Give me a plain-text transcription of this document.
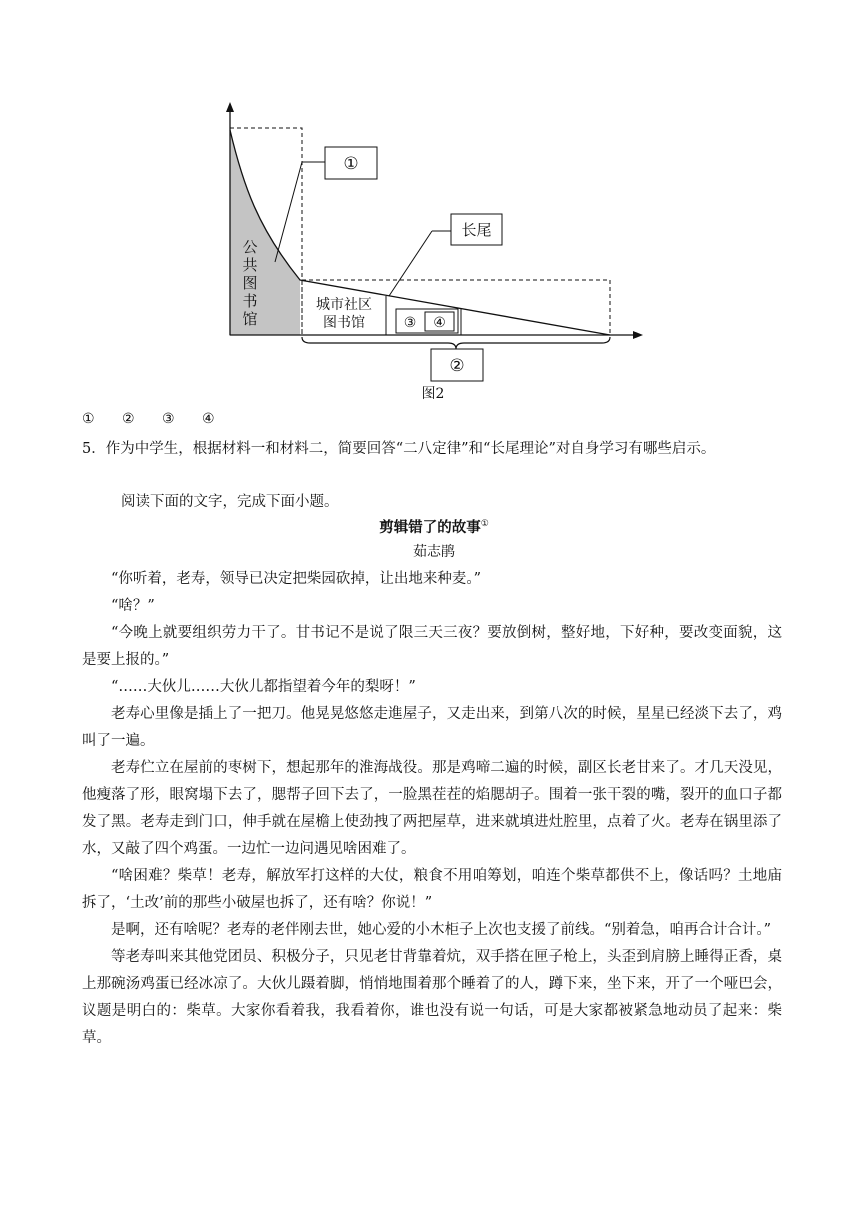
①
长尾
公
共
图
书
馆
城市社区
图书馆	③ ④
②
图2
① ② ③ ④
5．作为中学生，根据材料一和材料二，简要回答“二八定律”和“长尾理论”对自身学习有哪些启示。
阅读下面的文字，完成下面小题。
剪辑错了的故事①
茹志鹃

“你听着，老寿，领导已决定把柴园砍掉，让出地来种麦。”

“啥？”

“今晚上就要组织劳力干了。甘书记不是说了限三天三夜？要放倒树，整好地，下好种，要改变面貌，这是要上报的。”

“……大伙儿……大伙儿都指望着今年的梨呀！”

老寿心里像是插上了一把刀。他晃晃悠悠走進屋子，又走出来，到第八次的时候，星星已经淡下去了，鸡叫了一遍。

老寿伫立在屋前的枣树下，想起那年的淮海战役。那是鸡啼二遍的时候，副区长老甘来了。才几天没见，他瘦落了形，眼窝塌下去了，腮帮子回下去了，一脸黑茬茬的焰腮胡子。围着一张干裂的嘴，裂开的血口子都发了黑。老寿走到门口，伸手就在屋檐上使劲拽了两把屋草，进来就填进灶腔里，点着了火。老寿在锅里添了水，又敲了四个鸡蛋。一边忙一边问遇见啥困难了。

“啥困难？柴草！老寿，解放军打这样的大仗，粮食不用咱筹划，咱连个柴草都供不上，像话吗？土地庙拆了，‘土改’前的那些小破屋也拆了，还有啥？你说！”

是啊，还有啥呢？老寿的老伴刚去世，她心爱的小木柜子上次也支援了前线。“别着急，咱再合计合计。”

等老寿叫来其他党团员、积极分子，只见老甘背靠着炕，双手搭在匣子枪上，头歪到肩膀上睡得正香，桌上那碗汤鸡蛋已经冰凉了。大伙儿蹑着脚，悄悄地围着那个睡着了的人，蹲下来，坐下来，开了一个哑巴会，议题是明白的：柴草。大家你看着我，我看着你，谁也没有说一句话，可是大家都被紧急地动员了起来：柴草。
